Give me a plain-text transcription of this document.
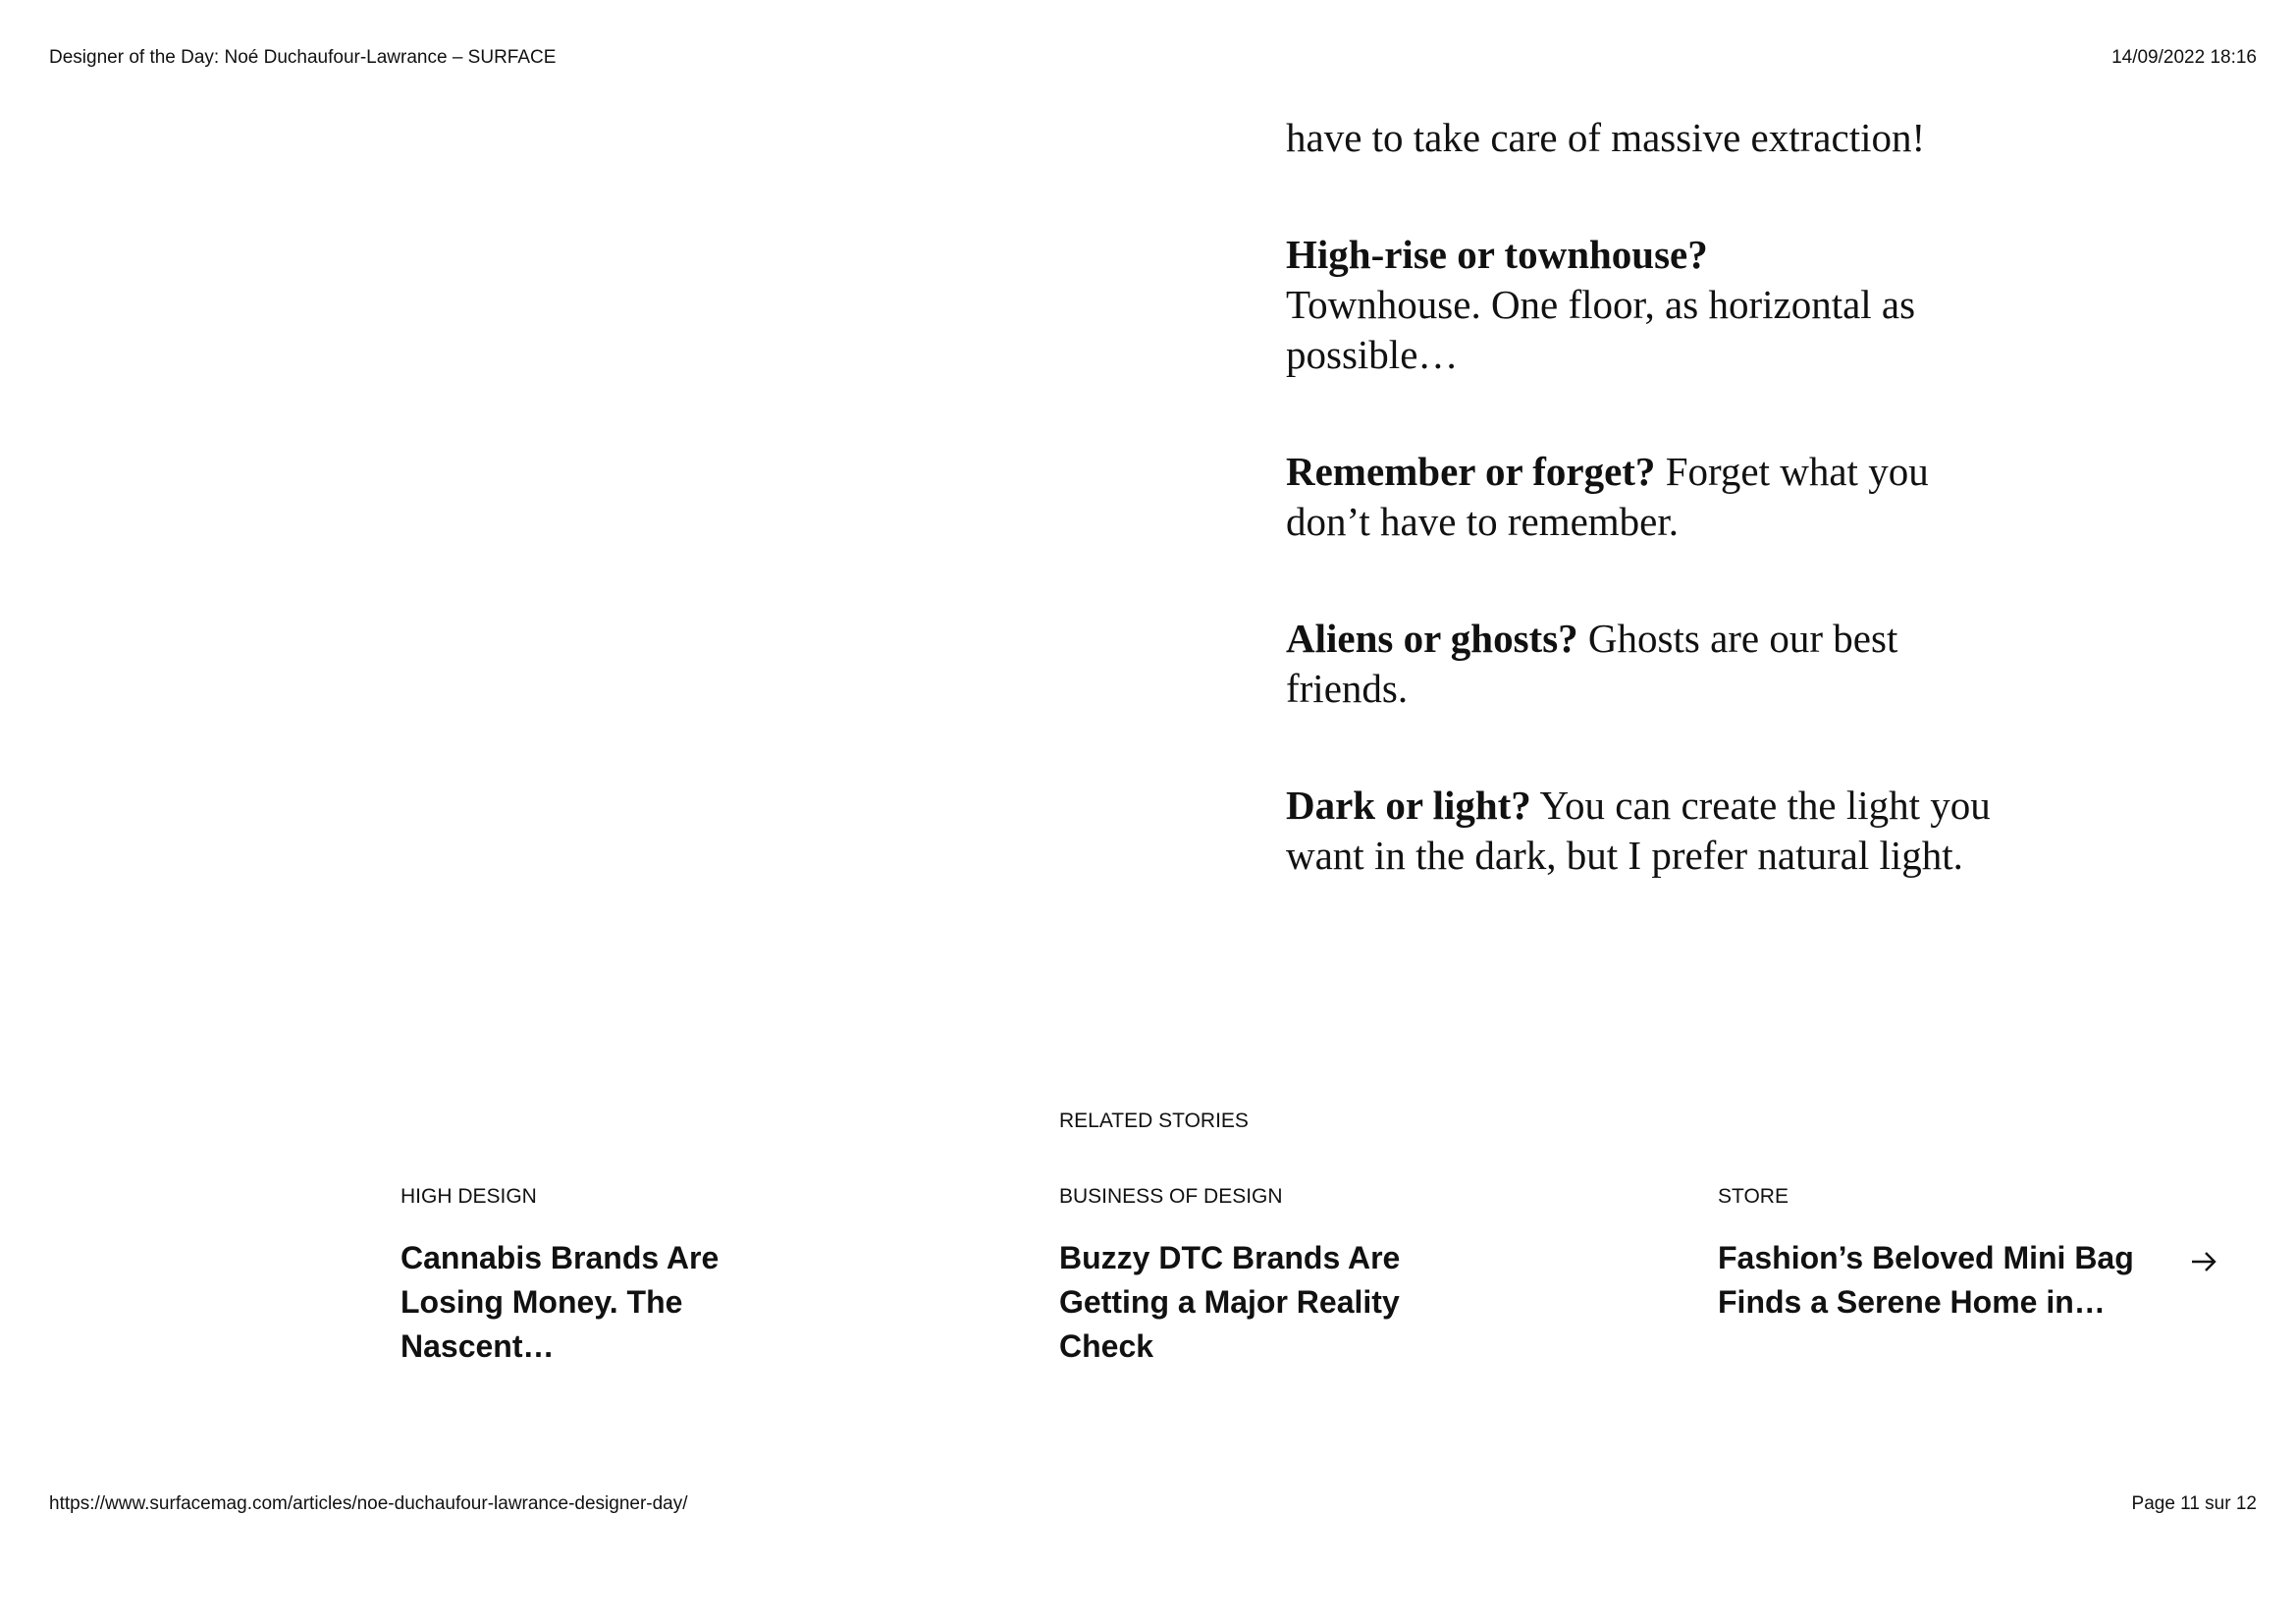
Designer of the Day: Noé Duchaufour-Lawrance – SURFACE	14/09/2022 18:16

have to take care of massive extraction!

High-rise or townhouse?
Townhouse. One floor, as horizontal as possible…

Remember or forget? Forget what you don’t have to remember.

Aliens or ghosts? Ghosts are our best friends.

Dark or light? You can create the light you want in the dark, but I prefer natural light.

RELATED STORIES
HIGH DESIGN
Cannabis Brands Are Losing Money. The Nascent…
BUSINESS OF DESIGN
Buzzy DTC Brands Are Getting a Major Reality Check
STORE
Fashion’s Beloved Mini Bag Finds a Serene Home in…
https://www.surfacemag.com/articles/noe-duchaufour-lawrance-designer-day/	Page 11 sur 12
